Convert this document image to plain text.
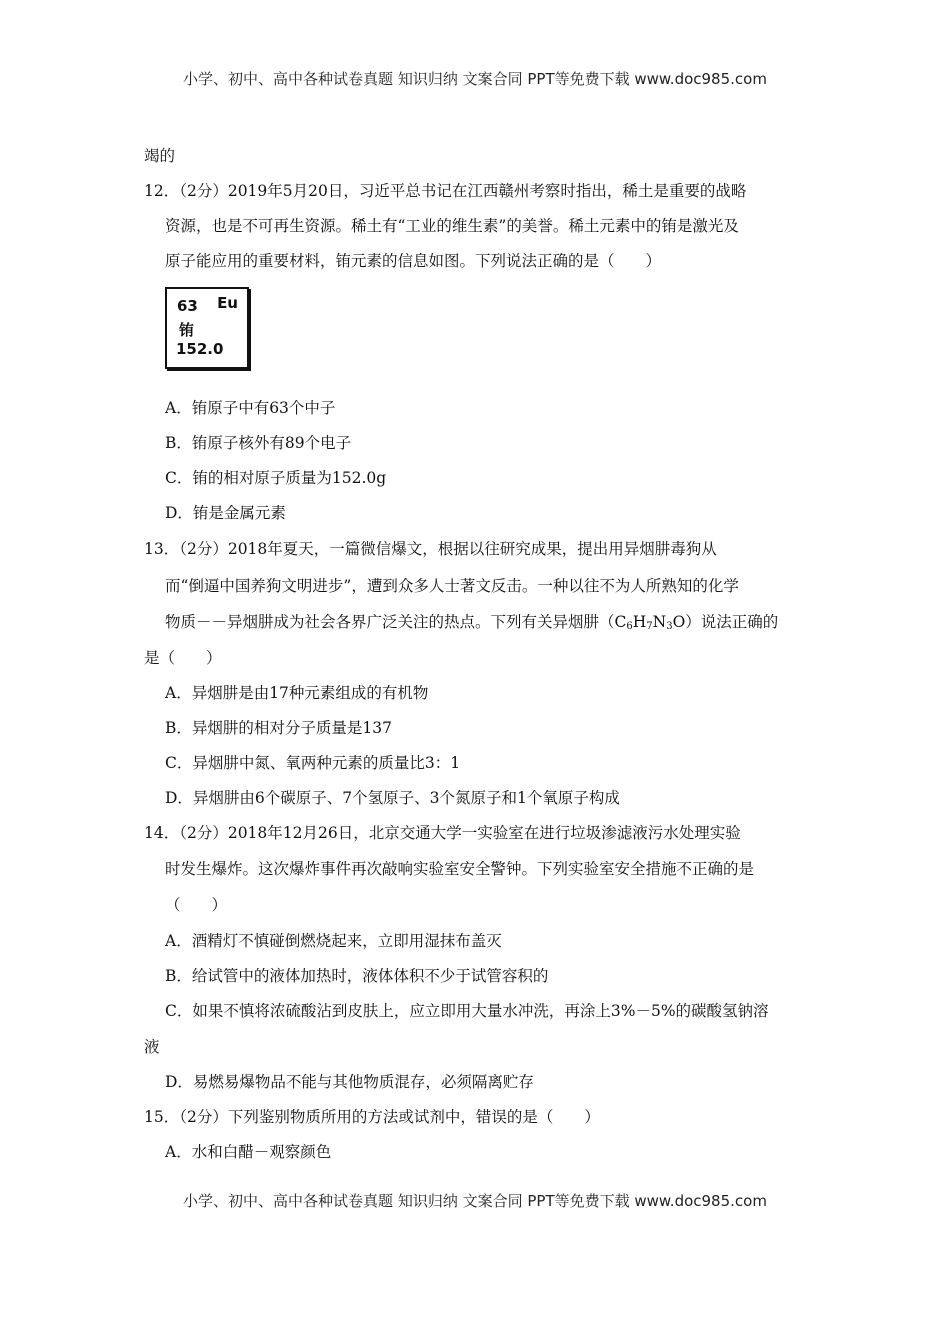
小学、初中、高中各种试卷真题 知识归纳 文案合同 PPT等免费下载 www.doc985.com
竭的
12．（2分）2019年5月20日，习近平总书记在江西赣州考察时指出，稀土是重要的战略
资源，也是不可再生资源。稀土有“工业的维生素”的美誉。稀土元素中的铕是激光及
原子能应用的重要材料，铕元素的信息如图。下列说法正确的是（　　）
63 Eu
铕
152.0
A．铕原子中有63个中子
B．铕原子核外有89个电子
C．铕的相对原子质量为152.0g
D．铕是金属元素
13．（2分）2018年夏天，一篇微信爆文，根据以往研究成果，提出用异烟肼毒狗从
而“倒逼中国养狗文明进步”，遭到众多人士著文反击。一种以往不为人所熟知的化学
物质－－异烟肼成为社会各界广泛关注的热点。下列有关异烟肼$(C_6H_7N_3O)$说法正确的
是（　　）
A．异烟肼是由17种元素组成的有机物
B．异烟肼的相对分子质量是137
C．异烟肼中氮、氧两种元素的质量比3：1
D．异烟肼由6个碳原子、7个氢原子、3个氮原子和1个氧原子构成
14．（2分）2018年12月26日，北京交通大学一实验室在进行垃圾渗滤液污水处理实验
时发生爆炸。这次爆炸事件再次敲响实验室安全警钟。下列实验室安全措施不正确的是
（　　）
A．酒精灯不慎碰倒燃烧起来，立即用湿抹布盖灭
B．给试管中的液体加热时，液体体积不少于试管容积的
C．如果不慎将浓硫酸沾到皮肤上，应立即用大量水冲洗，再涂上3%－5%的碳酸氢钠溶
液
D．易燃易爆物品不能与其他物质混存，必须隔离贮存
15．（2分）下列鉴别物质所用的方法或试剂中，错误的是（　　）
A．水和白醋－观察颜色
小学、初中、高中各种试卷真题 知识归纳 文案合同 PPT等免费下载 www.doc985.com
